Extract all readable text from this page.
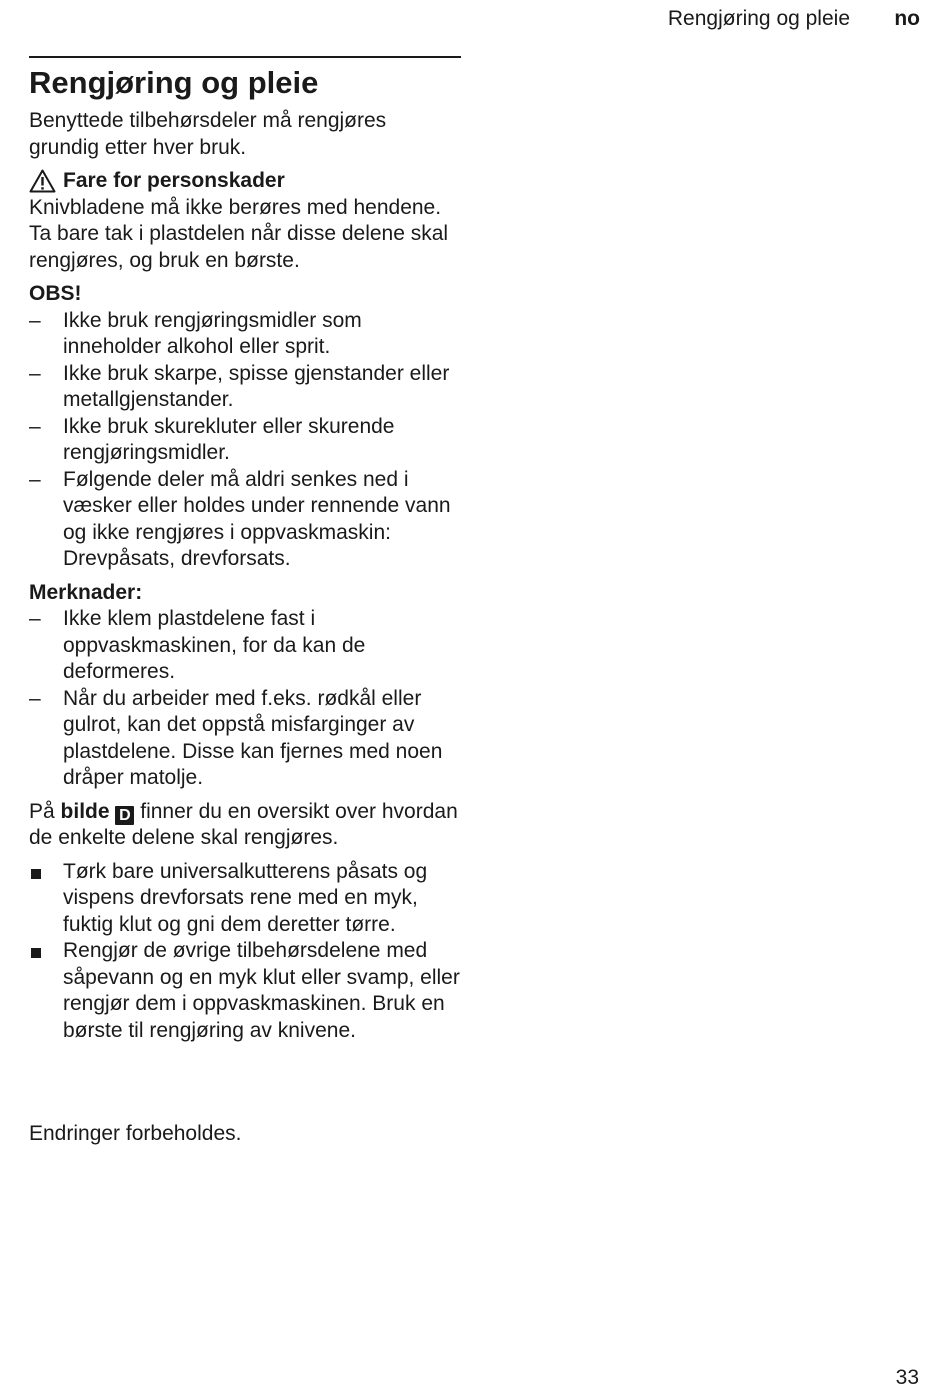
Rengjøring og pleie no
Rengjøring og pleie

Benyttede tilbehørsdeler må rengjøres grundig etter hver bruk.

Fare for personskader
Knivbladene må ikke berøres med hendene. Ta bare tak i plastdelen når disse delene skal rengjøres, og bruk en børste.
OBS!
–	Ikke bruk rengjøringsmidler som inneholder alkohol eller sprit.
–	Ikke bruk skarpe, spisse gjenstander eller metallgjenstander.
–	Ikke bruk skurekluter eller skurende rengjøringsmidler.
–	Følgende deler må aldri senkes ned i væsker eller holdes under rennende vann og ikke rengjøres i oppvaskmaskin: Drevpåsats, drevforsats.
Merknader:
–	Ikke klem plastdelene fast i oppvaskmaskinen, for da kan de deformeres.
–	Når du arbeider med f.eks. rødkål eller gulrot, kan det oppstå misfarginger av plastdelene. Disse kan fjernes med noen dråper matolje.

På bilde D finner du en oversikt over hvordan de enkelte delene skal rengjøres.

Tørk bare universalkutterens påsats og vispens drevforsats rene med en myk, fuktig klut og gni dem deretter tørre.
Rengjør de øvrige tilbehørsdelene med såpevann og en myk klut eller svamp, eller rengjør dem i oppvaskmaskinen. Bruk en børste til rengjøring av knivene.
Endringer forbeholdes.
33
